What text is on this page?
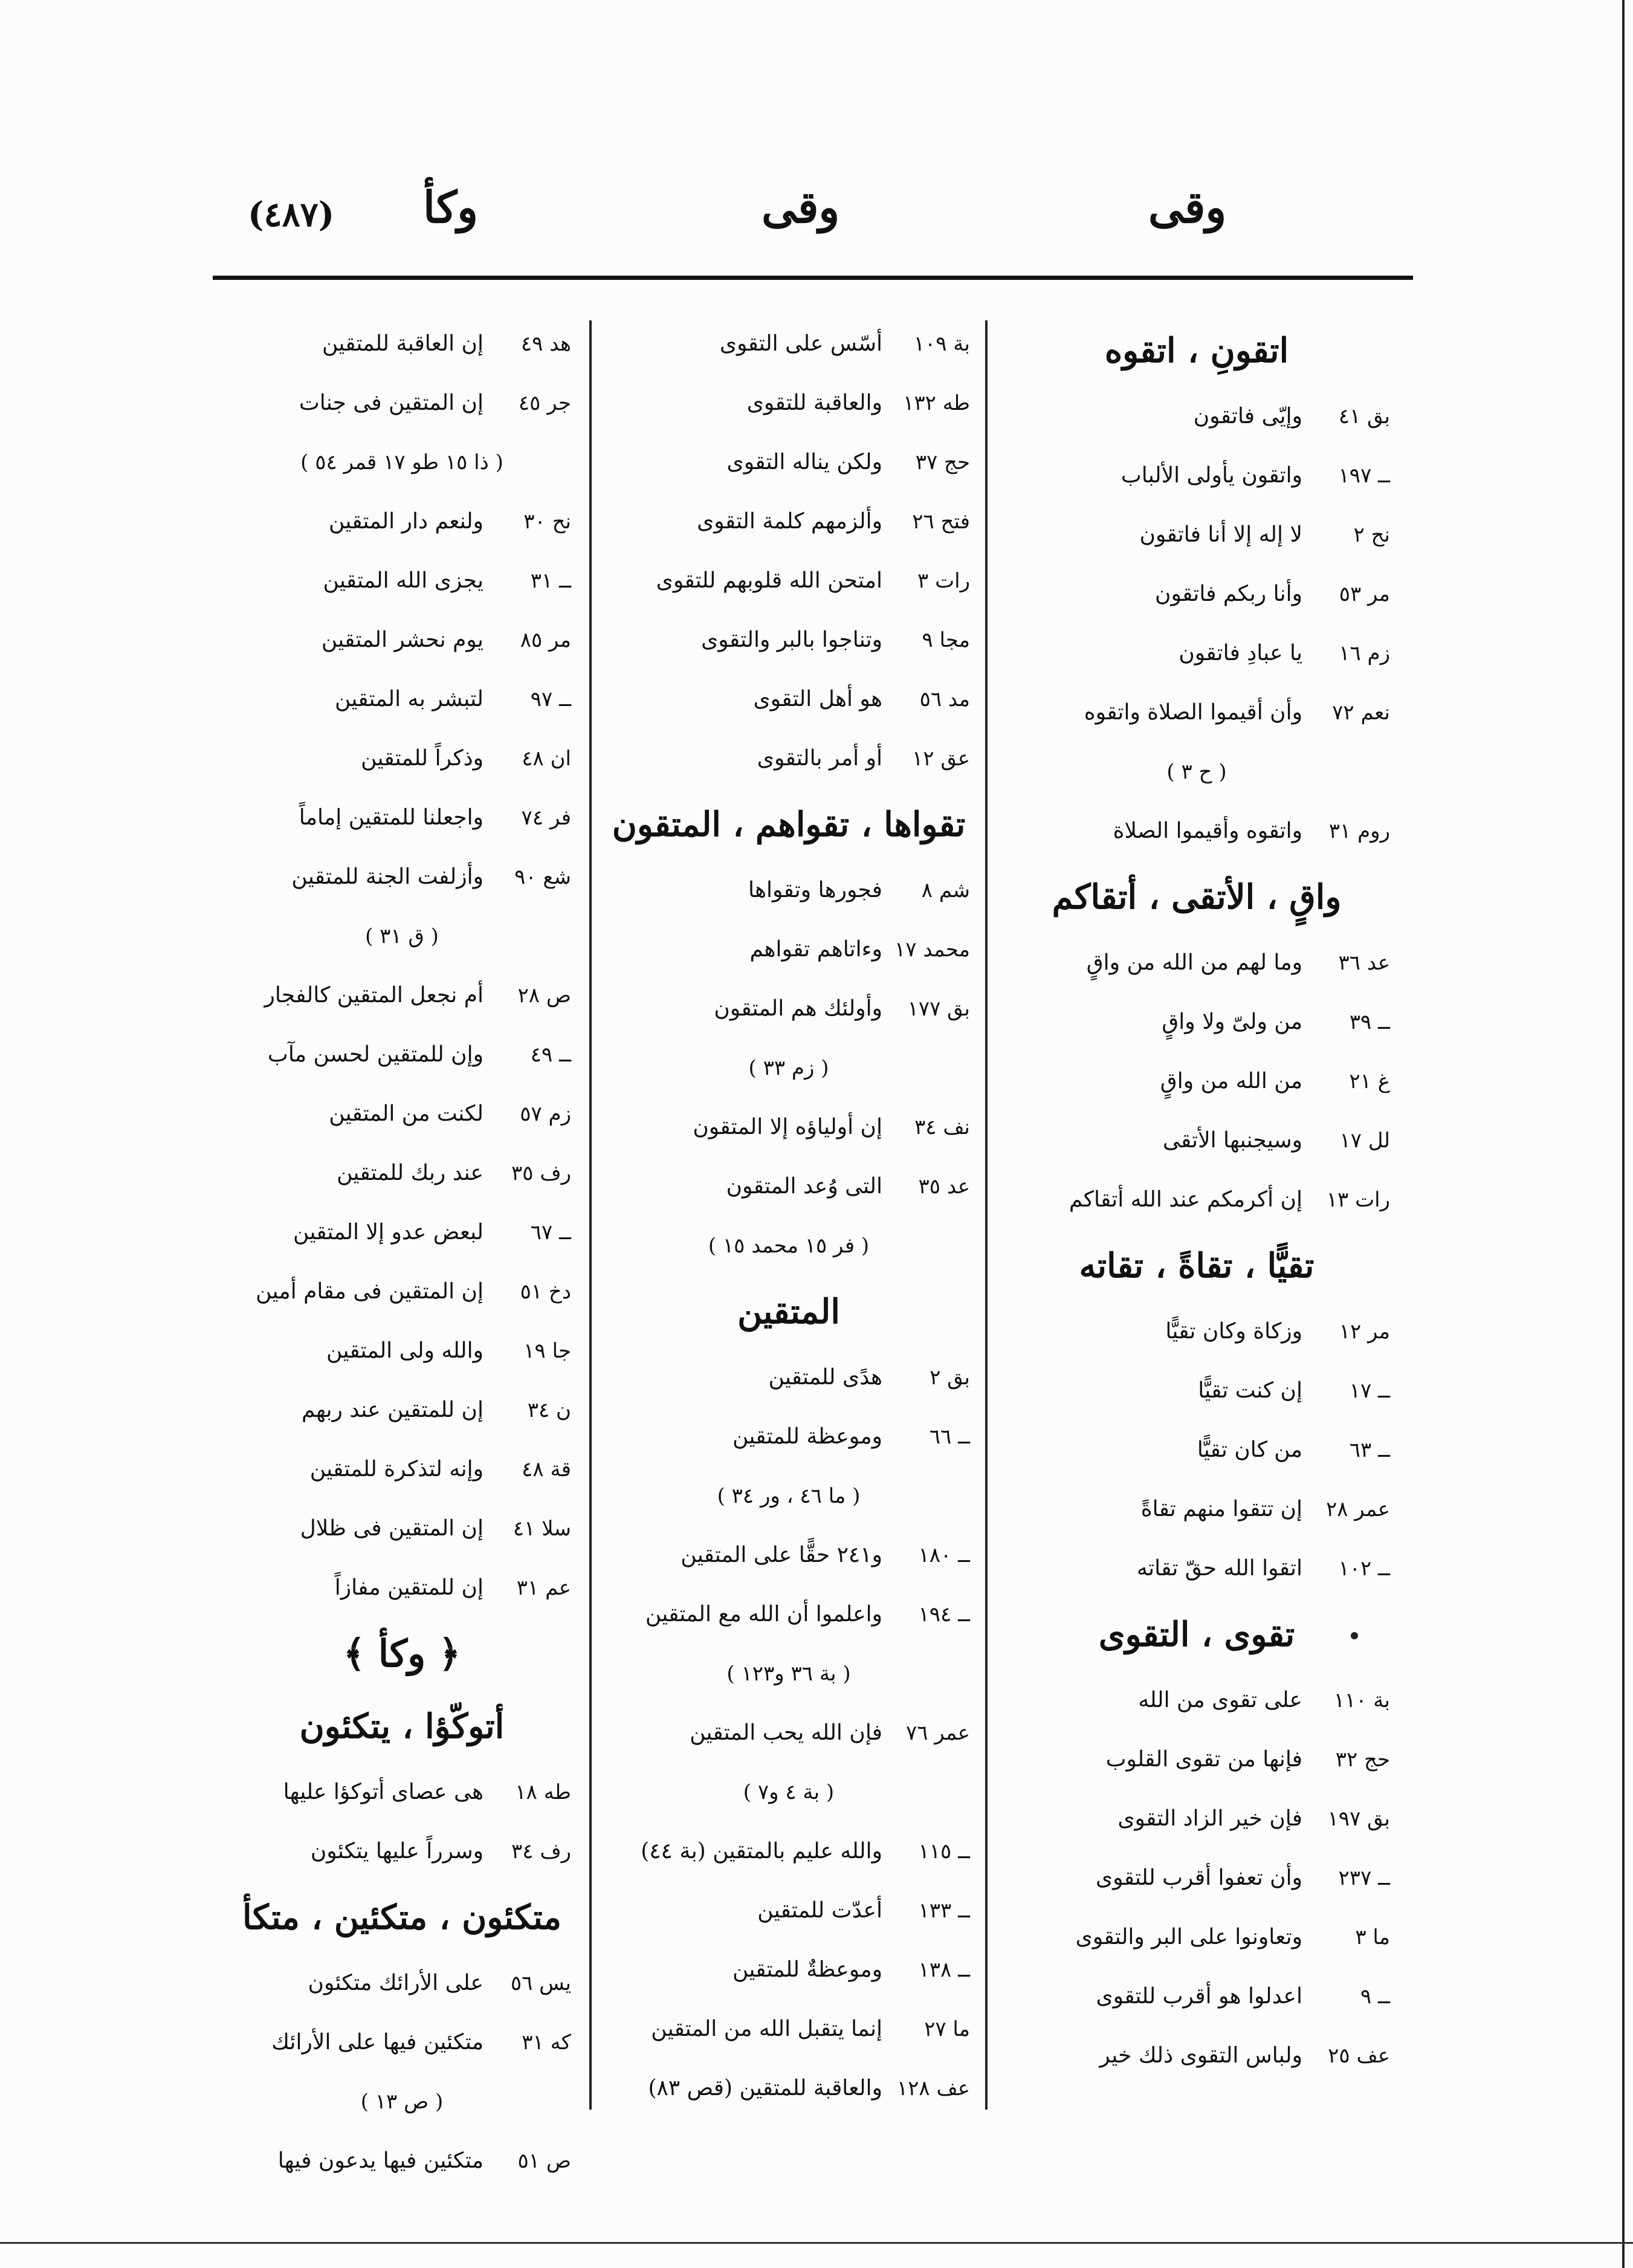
وقى
وقى
وكأ
(٤٨٧)
اتقونِ ، اتقوه
بق ٤١وإيّى فاتقون
ــ ١٩٧واتقون يأولى الألباب
نح ٢لا إله إلا أنا فاتقون
مر ٥٣وأنا ربكم فاتقون
زم ١٦يا عبادِ فاتقون
نعم ٧٢وأن أقيموا الصلاة واتقوه
( ح ٣ )
روم ٣١واتقوه وأقيموا الصلاة
واقٍ ، الأتقى ، أتقاكم
عد ٣٦وما لهم من الله من واقٍ
ــ ٣٩من ولىّ ولا واقٍ
غ ٢١من الله من واقٍ
لل ١٧وسيجنبها الأتقى
رات ١٣إن أكرمكم عند الله أتقاكم
تقيًّا ، تقاةً ، تقاته
مر ١٢وزكاة وكان تقيًّا
ــ ١٧إن كنت تقيًّا
ــ ٦٣من كان تقيًّا
عمر ٢٨إن تتقوا منهم تقاةً
ــ ١٠٢اتقوا الله حقّ تقاته
تقوى ، التقوى
بة ١١٠على تقوى من الله
حج ٣٢فإنها من تقوى القلوب
بق ١٩٧فإن خير الزاد التقوى
ــ ٢٣٧وأن تعفوا أقرب للتقوى
ما ٣وتعاونوا على البر والتقوى
ــ ٩اعدلوا هو أقرب للتقوى
عف ٢٥ولباس التقوى ذلك خير
بة ١٠٩أسّس على التقوى
طه ١٣٢والعاقبة للتقوى
حج ٣٧ولكن يناله التقوى
فتح ٢٦وألزمهم كلمة التقوى
رات ٣امتحن الله قلوبهم للتقوى
مجا ٩وتناجوا بالبر والتقوى
مد ٥٦هو أهل التقوى
عق ١٢أو أمر بالتقوى
تقواها ، تقواهم ، المتقون
شم ٨فجورها وتقواها
محمد ١٧وءاتاهم تقواهم
بق ١٧٧وأولئك هم المتقون
( زم ٣٣ )
نف ٣٤إن أولياؤه إلا المتقون
عد ٣٥التى وُعد المتقون
( فر ١٥ محمد ١٥ )
المتقين
بق ٢هدًى للمتقين
ــ ٦٦وموعظة للمتقين
( ما ٤٦ ، ور ٣٤ )
ــ ١٨٠و٢٤١ حقًّا على المتقين
ــ ١٩٤واعلموا أن الله مع المتقين
( بة ٣٦ و١٢٣ )
عمر ٧٦فإن الله يحب المتقين
( بة ٤ و٧ )
ــ ١١٥والله عليم بالمتقين (بة ٤٤)
ــ ١٣٣أعدّت للمتقين
ــ ١٣٨وموعظةٌ للمتقين
ما ٢٧إنما يتقبل الله من المتقين
عف ١٢٨والعاقبة للمتقين (قص ٨٣)
هد ٤٩إن العاقبة للمتقين
جر ٤٥إن المتقين فى جنات
( ذا ١٥ طو ١٧ قمر ٥٤ )
نح ٣٠ولنعم دار المتقين
ــ ٣١يجزى الله المتقين
مر ٨٥يوم نحشر المتقين
ــ ٩٧لتبشر به المتقين
ان ٤٨وذكراً للمتقين
فر ٧٤واجعلنا للمتقين إماماً
شع ٩٠وأزلفت الجنة للمتقين
( ق ٣١ )
ص ٢٨أم نجعل المتقين كالفجار
ــ ٤٩وإن للمتقين لحسن مآب
زم ٥٧لكنت من المتقين
رف ٣٥عند ربك للمتقين
ــ ٦٧لبعض عدو إلا المتقين
دخ ٥١إن المتقين فى مقام أمين
جا ١٩والله ولى المتقين
ن ٣٤إن للمتقين عند ربهم
قة ٤٨وإنه لتذكرة للمتقين
سلا ٤١إن المتقين فى ظلال
عم ٣١إن للمتقين مفازاً
﴿ وكأ ﴾
أتوكّؤا ، يتكئون
طه ١٨هى عصاى أتوكؤا عليها
رف ٣٤وسرراً عليها يتكئون
متكئون ، متكئين ، متكأ
يس ٥٦على الأرائك متكئون
كه ٣١متكئين فيها على الأرائك
( ص ١٣ )
ص ٥١متكئين فيها يدعون فيها
